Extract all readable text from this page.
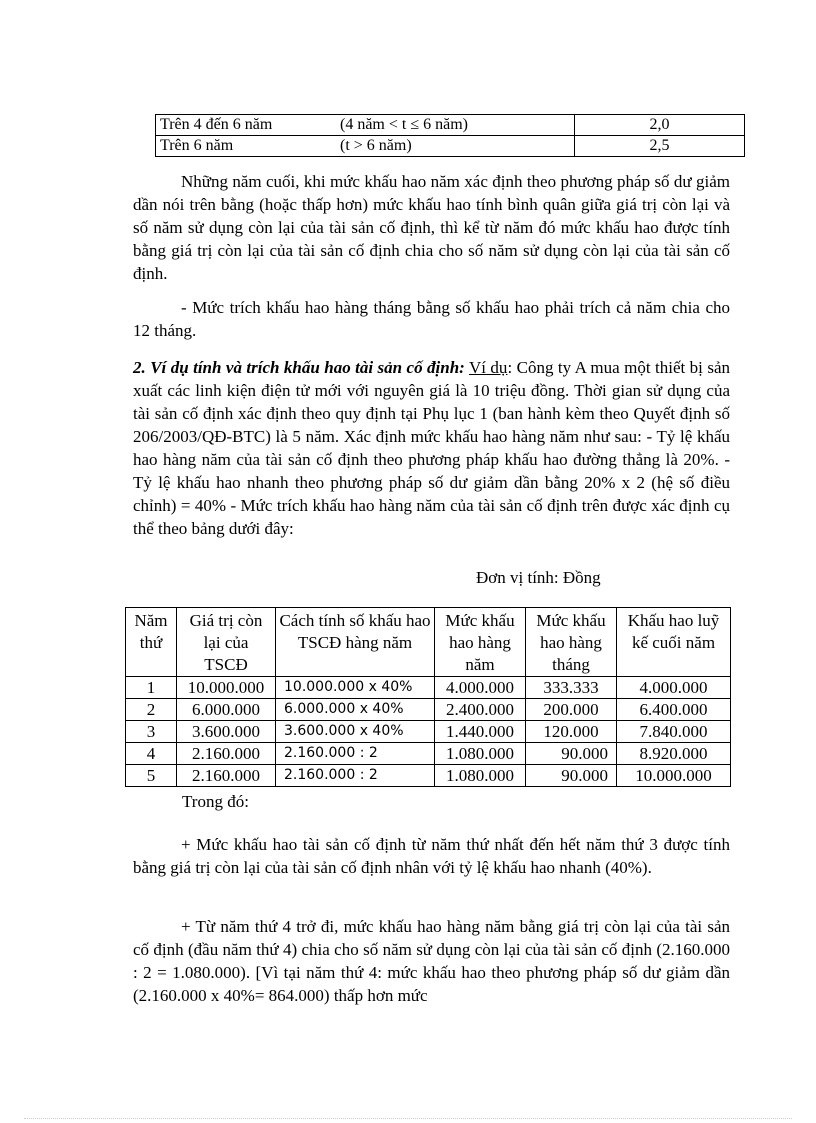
Trên 4 đến 6 năm (4 năm < t ≤ 6 năm)	2,0
Trên 6 năm (t > 6 năm)	2,5

Những năm cuối, khi mức khấu hao năm xác định theo phương pháp số dư giảm dần nói trên bằng (hoặc thấp hơn) mức khấu hao tính bình quân giữa giá trị còn lại và số năm sử dụng còn lại của tài sản cố định, thì kể từ năm đó mức khấu hao được tính bằng giá trị còn lại của tài sản cố định chia cho số năm sử dụng còn lại của tài sản cố định.

- Mức trích khấu hao hàng tháng bằng số khấu hao phải trích cả năm chia cho 12 tháng.

2. Ví dụ tính và trích khấu hao tài sản cố định: Ví dụ: Công ty A mua một thiết bị sản xuất các linh kiện điện tử mới với nguyên giá là 10 triệu đồng. Thời gian sử dụng của tài sản cố định xác định theo quy định tại Phụ lục 1 (ban hành kèm theo Quyết định số 206/2003/QĐ-BTC) là 5 năm. Xác định mức khấu hao hàng năm như sau: - Tỷ lệ khấu hao hàng năm của tài sản cố định theo phương pháp khấu hao đường thẳng là 20%. - Tỷ lệ khấu hao nhanh theo phương pháp số dư giảm dần bằng 20% x 2 (hệ số điều chỉnh) = 40% - Mức trích khấu hao hàng năm của tài sản cố định trên được xác định cụ thể theo bảng dưới đây:

Đơn vị tính: Đồng
Năm thứ	Giá trị còn lại của TSCĐ	Cách tính số khấu hao TSCĐ hàng năm	Mức khấu hao hàng năm	Mức khấu hao hàng tháng	Khấu hao luỹ kế cuối năm
1	10.000.000	10.000.000 x 40%	4.000.000	333.333	4.000.000
2	6.000.000	6.000.000 x 40%	2.400.000	200.000	6.400.000
3	3.600.000	3.600.000 x 40%	1.440.000	120.000	7.840.000
4	2.160.000	2.160.000 : 2	1.080.000	90.000	8.920.000
5	2.160.000	2.160.000 : 2	1.080.000	90.000	10.000.000
Trong đó:

+ Mức khấu hao tài sản cố định từ năm thứ nhất đến hết năm thứ 3 được tính bằng giá trị còn lại của tài sản cố định nhân với tỷ lệ khấu hao nhanh (40%).

+ Từ năm thứ 4 trở đi, mức khấu hao hàng năm bằng giá trị còn lại của tài sản cố định (đầu năm thứ 4) chia cho số năm sử dụng còn lại của tài sản cố định (2.160.000 : 2 = 1.080.000). [Vì tại năm thứ 4: mức khấu hao theo phương pháp số dư giảm dần (2.160.000 x 40%= 864.000) thấp hơn mức
